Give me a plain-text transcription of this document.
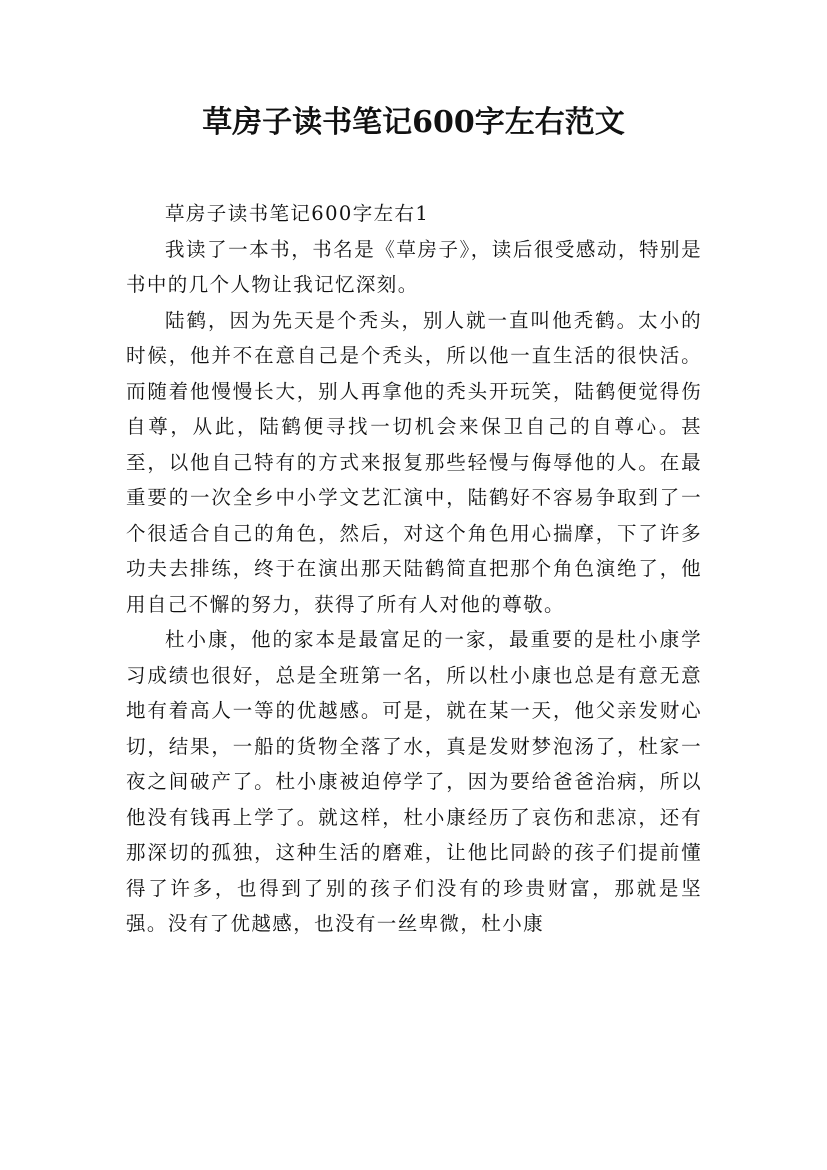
草房子读书笔记600字左右范文

草房子读书笔记600字左右1

我读了一本书，书名是《草房子》，读后很受感动，特别是书中的几个人物让我记忆深刻。

陆鹤，因为先天是个秃头，别人就一直叫他秃鹤。太小的时候，他并不在意自己是个秃头，所以他一直生活的很快活。而随着他慢慢长大，别人再拿他的秃头开玩笑，陆鹤便觉得伤自尊，从此，陆鹤便寻找一切机会来保卫自己的自尊心。甚至，以他自己特有的方式来报复那些轻慢与侮辱他的人。在最重要的一次全乡中小学文艺汇演中，陆鹤好不容易争取到了一个很适合自己的角色，然后，对这个角色用心揣摩，下了许多功夫去排练，终于在演出那天陆鹤简直把那个角色演绝了，他用自己不懈的努力，获得了所有人对他的尊敬。

杜小康，他的家本是最富足的一家，最重要的是杜小康学习成绩也很好，总是全班第一名，所以杜小康也总是有意无意地有着高人一等的优越感。可是，就在某一天，他父亲发财心切，结果，一船的货物全落了水，真是发财梦泡汤了，杜家一夜之间破产了。杜小康被迫停学了，因为要给爸爸治病，所以他没有钱再上学了。就这样，杜小康经历了哀伤和悲凉，还有那深切的孤独，这种生活的磨难，让他比同龄的孩子们提前懂得了许多，也得到了别的孩子们没有的珍贵财富，那就是坚强。没有了优越感，也没有一丝卑微，杜小康
